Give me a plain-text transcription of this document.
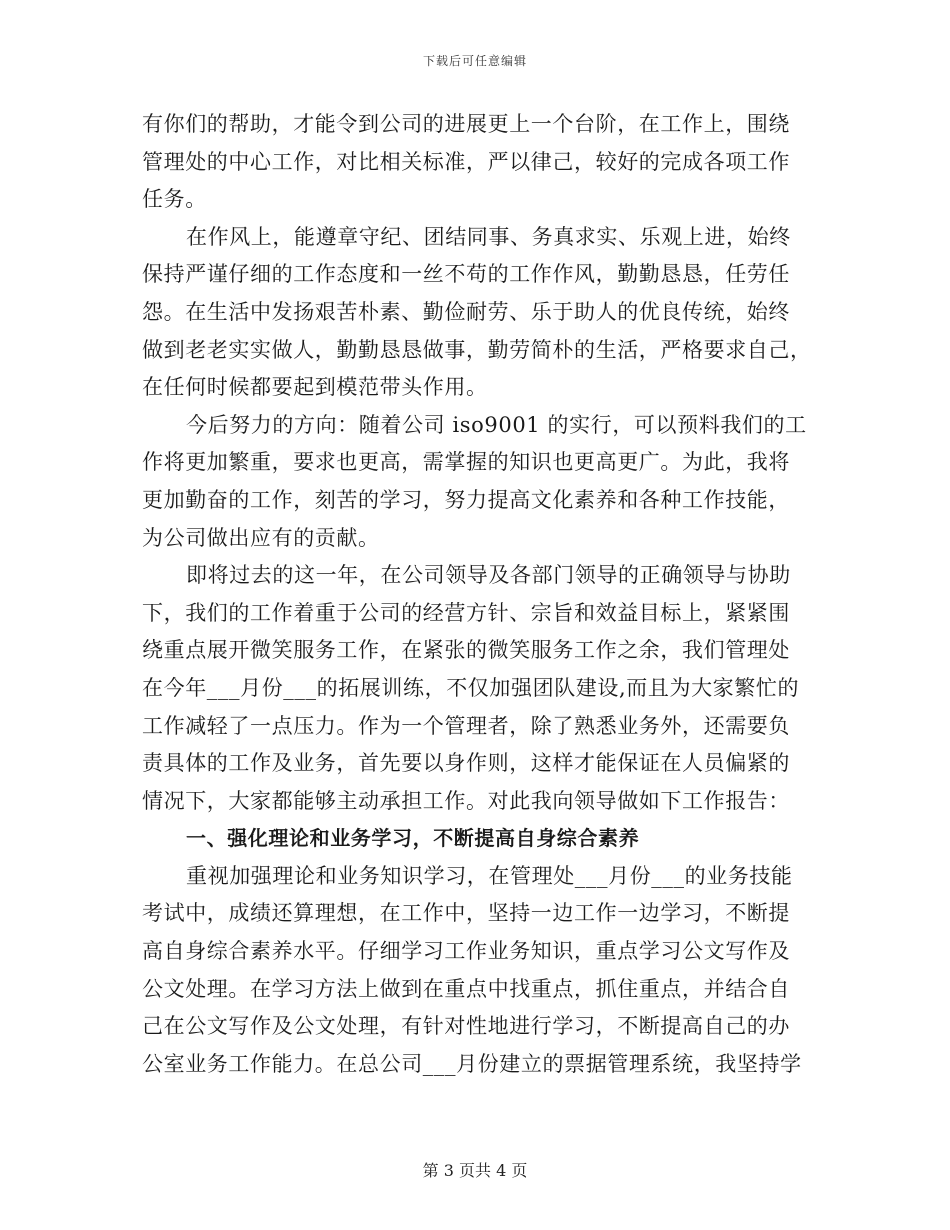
下载后可任意编辑
有你们的帮助，才能令到公司的进展更上一个台阶，在工作上，围绕
管理处的中心工作，对比相关标准，严以律己，较好的完成各项工作
任务。
在作风上，能遵章守纪、团结同事、务真求实、乐观上进，始终
保持严谨仔细的工作态度和一丝不苟的工作作风，勤勤恳恳，任劳任
怨。在生活中发扬艰苦朴素、勤俭耐劳、乐于助人的优良传统，始终
做到老老实实做人，勤勤恳恳做事，勤劳简朴的生活，严格要求自己，
在任何时候都要起到模范带头作用。
今后努力的方向：随着公司 iso9001 的实行，可以预料我们的工
作将更加繁重，要求也更高，需掌握的知识也更高更广。为此，我将
更加勤奋的工作，刻苦的学习，努力提高文化素养和各种工作技能，
为公司做出应有的贡献。
即将过去的这一年，在公司领导及各部门领导的正确领导与协助
下，我们的工作着重于公司的经营方针、宗旨和效益目标上，紧紧围
绕重点展开微笑服务工作，在紧张的微笑服务工作之余，我们管理处
在今年___月份___的拓展训练，不仅加强团队建设,而且为大家繁忙的
工作减轻了一点压力。作为一个管理者，除了熟悉业务外，还需要负
责具体的工作及业务，首先要以身作则，这样才能保证在人员偏紧的
情况下，大家都能够主动承担工作。对此我向领导做如下工作报告：
一、强化理论和业务学习，不断提高自身综合素养
重视加强理论和业务知识学习，在管理处___月份___的业务技能
考试中，成绩还算理想，在工作中，坚持一边工作一边学习，不断提
高自身综合素养水平。仔细学习工作业务知识，重点学习公文写作及
公文处理。在学习方法上做到在重点中找重点，抓住重点，并结合自
己在公文写作及公文处理，有针对性地进行学习，不断提高自己的办
公室业务工作能力。在总公司___月份建立的票据管理系统，我坚持学
第 3 页共 4 页
